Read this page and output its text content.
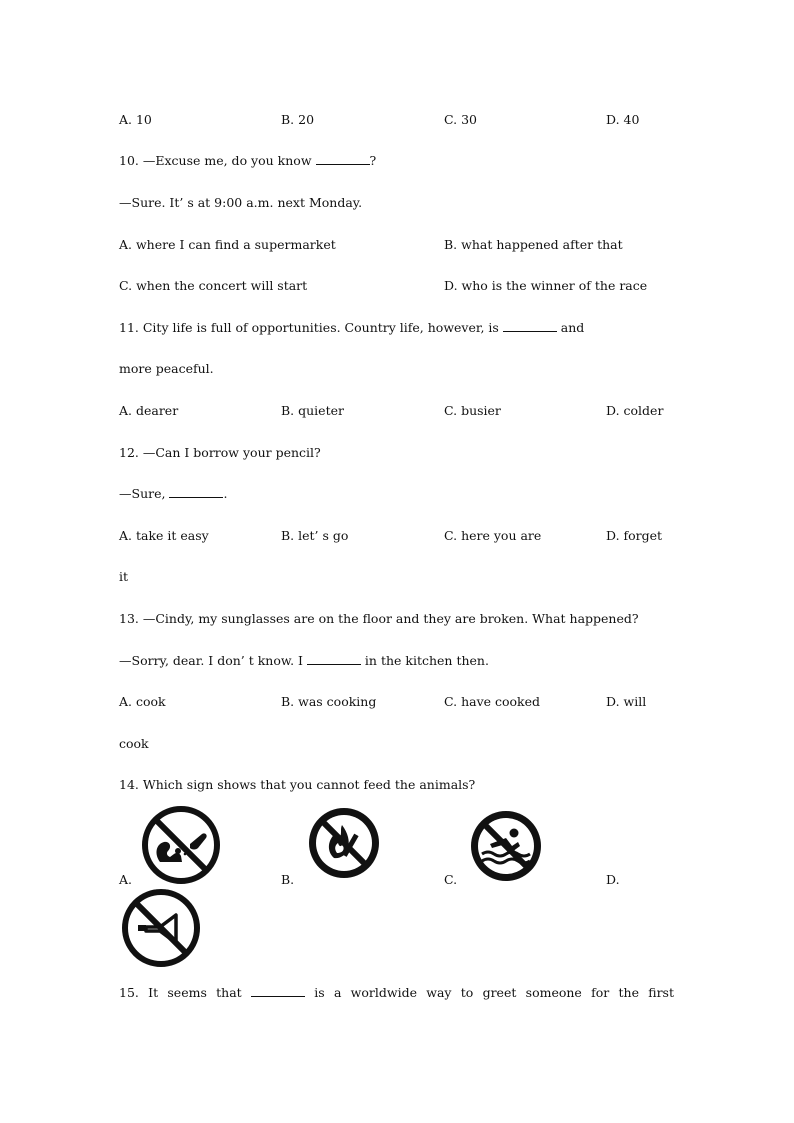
A. 10	B. 20	C. 30	D. 40
10. —Excuse me, do you know	?
—Sure. It’ s at 9:00 a.m. next Monday.
A. where I can find a supermarket	B. what happened after that
C. when the concert will start	D. who is the winner of the race
11. City life is full of opportunities. Country life, however, is	and
more peaceful.
A. dearer	B. quieter	C. busier	D. colder
12. —Can I borrow your pencil?
—Sure,	.
A. take it easy	B. let’ s go	C. here you are	D. forget
it
13. —Cindy, my sunglasses are on the floor and they are broken. What happened?
—Sorry, dear. I don’ t know. I	in the kitchen then.
A. cook	B. was cooking	C. have cooked	D. will
cook
14. Which sign shows that you cannot feed the animals?
A.	B.	C.	D.
15. It seems that	is a worldwide way to greet someone for the first
